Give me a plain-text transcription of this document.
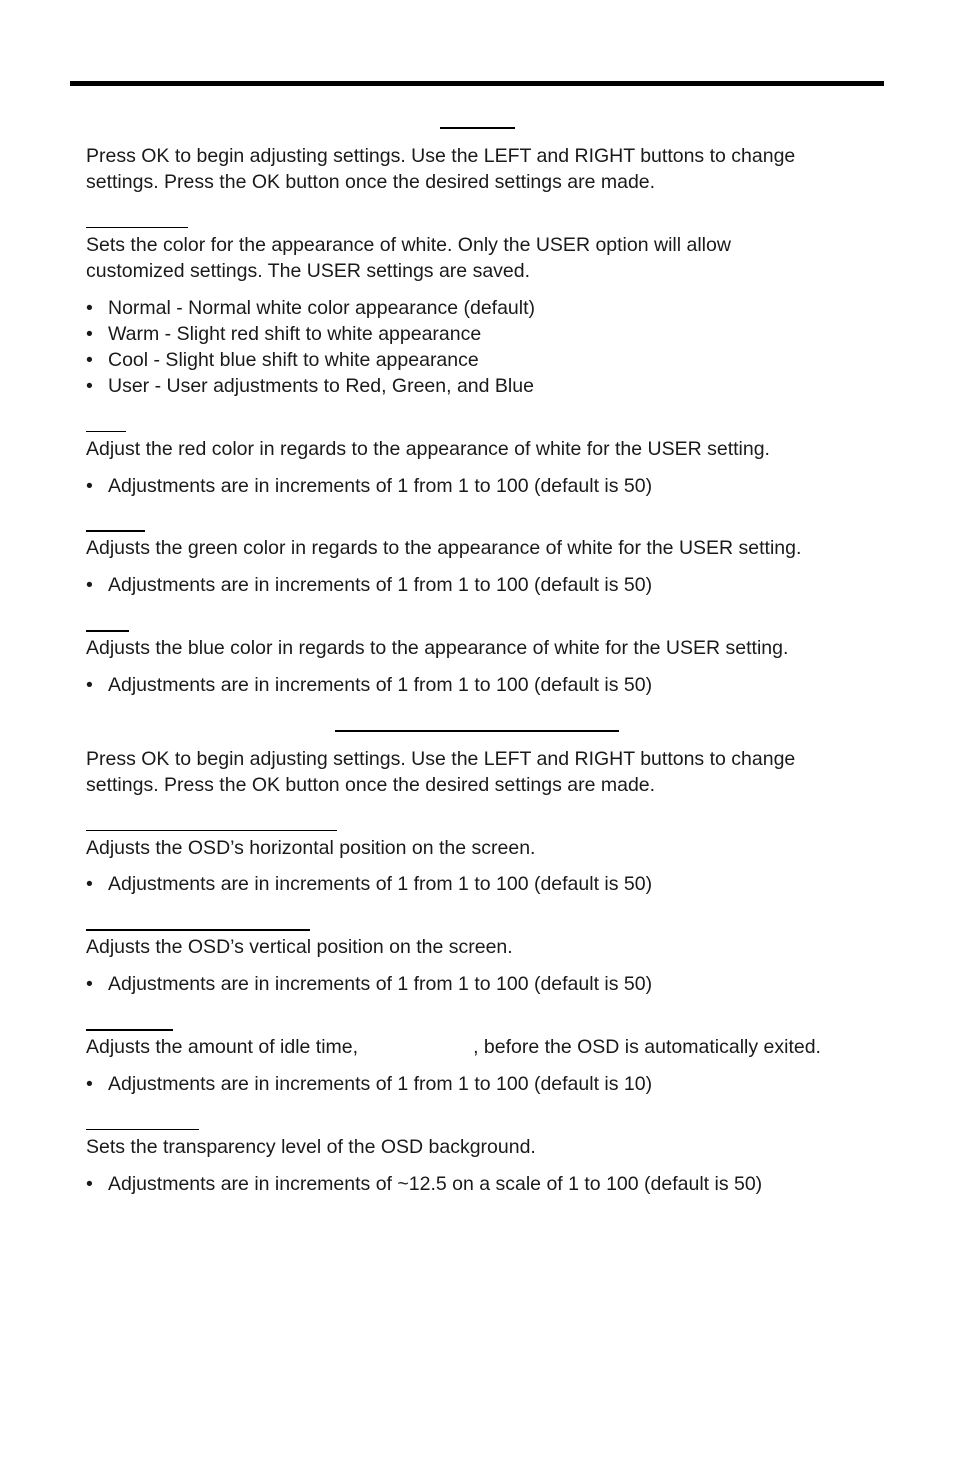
Press OK to begin adjusting settings. Use the LEFT and RIGHT buttons to change
settings. Press the OK button once the desired settings are made.

Sets the color for the appearance of white. Only the USER option will allow
customized settings. The USER settings are saved.

• Normal - Normal white color appearance (default)
• Warm - Slight red shift to white appearance
• Cool - Slight blue shift to white appearance
• User - User adjustments to Red, Green, and Blue

Adjust the red color in regards to the appearance of white for the USER setting.

• Adjustments are in increments of 1 from 1 to 100 (default is 50)

Adjusts the green color in regards to the appearance of white for the USER setting.

• Adjustments are in increments of 1 from 1 to 100 (default is 50)

Adjusts the blue color in regards to the appearance of white for the USER setting.

• Adjustments are in increments of 1 from 1 to 100 (default is 50)

Press OK to begin adjusting settings. Use the LEFT and RIGHT buttons to change
settings. Press the OK button once the desired settings are made.

Adjusts the OSD’s horizontal position on the screen.

• Adjustments are in increments of 1 from 1 to 100 (default is 50)

Adjusts the OSD’s vertical position on the screen.

• Adjustments are in increments of 1 from 1 to 100 (default is 50)

Adjusts the amount of idle time,	, before the OSD is automatically exited.

• Adjustments are in increments of 1 from 1 to 100 (default is 10)

Sets the transparency level of the OSD background.

• Adjustments are in increments of ~12.5 on a scale of 1 to 100 (default is 50)
